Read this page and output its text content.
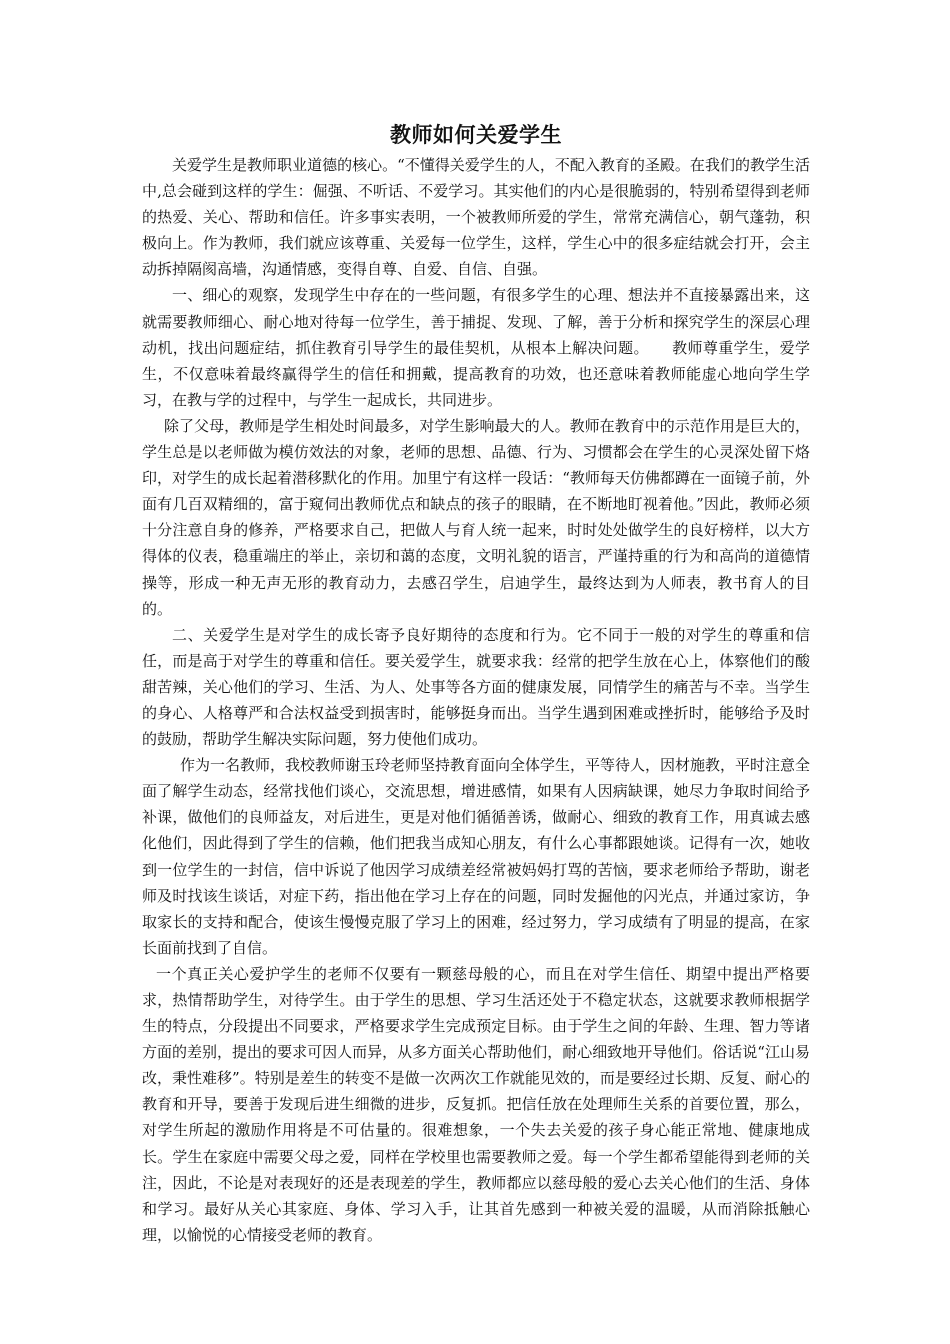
教师如何关爱学生

关爱学生是教师职业道德的核心。“不懂得关爱学生的人，不配入教育的圣殿。在我们的教学生活中,总会碰到这样的学生：倔强、不听话、不爱学习。其实他们的内心是很脆弱的，特别希望得到老师的热爱、关心、帮助和信任。许多事实表明，一个被教师所爱的学生，常常充满信心，朝气蓬勃，积极向上。作为教师，我们就应该尊重、关爱每一位学生，这样，学生心中的很多症结就会打开，会主动拆掉隔阂高墙，沟通情感，变得自尊、自爱、自信、自强。

一、细心的观察，发现学生中存在的一些问题，有很多学生的心理、想法并不直接暴露出来，这就需要教师细心、耐心地对待每一位学生，善于捕捉、发现、了解，善于分析和探究学生的深层心理动机，找出问题症结，抓住教育引导学生的最佳契机，从根本上解决问题。　　教师尊重学生，爱学生，不仅意味着最终赢得学生的信任和拥戴，提高教育的功效，也还意味着教师能虚心地向学生学习，在教与学的过程中，与学生一起成长，共同进步。

除了父母，教师是学生相处时间最多，对学生影响最大的人。教师在教育中的示范作用是巨大的，学生总是以老师做为模仿效法的对象，老师的思想、品德、行为、习惯都会在学生的心灵深处留下烙印，对学生的成长起着潜移默化的作用。加里宁有这样一段话：“教师每天仿佛都蹲在一面镜子前，外面有几百双精细的，富于窥伺出教师优点和缺点的孩子的眼睛，在不断地盯视着他。”因此，教师必须十分注意自身的修养，严格要求自己，把做人与育人统一起来，时时处处做学生的良好榜样，以大方得体的仪表，稳重端庄的举止，亲切和蔼的态度，文明礼貌的语言，严谨持重的行为和高尚的道德情操等，形成一种无声无形的教育动力，去感召学生，启迪学生，最终达到为人师表，教书育人的目的。

二、关爱学生是对学生的成长寄予良好期待的态度和行为。它不同于一般的对学生的尊重和信任，而是高于对学生的尊重和信任。要关爱学生，就要求我：经常的把学生放在心上，体察他们的酸甜苦辣，关心他们的学习、生活、为人、处事等各方面的健康发展，同情学生的痛苦与不幸。当学生的身心、人格尊严和合法权益受到损害时，能够挺身而出。当学生遇到困难或挫折时，能够给予及时的鼓励，帮助学生解决实际问题，努力使他们成功。

作为一名教师，我校教师谢玉玲老师坚持教育面向全体学生，平等待人，因材施教，平时注意全面了解学生动态，经常找他们谈心，交流思想，增进感情，如果有人因病缺课，她尽力争取时间给予补课，做他们的良师益友，对后进生，更是对他们循循善诱，做耐心、细致的教育工作，用真诚去感化他们，因此得到了学生的信赖，他们把我当成知心朋友，有什么心事都跟她谈。记得有一次，她收到一位学生的一封信，信中诉说了他因学习成绩差经常被妈妈打骂的苦恼，要求老师给予帮助，谢老师及时找该生谈话，对症下药，指出他在学习上存在的问题，同时发掘他的闪光点，并通过家访，争取家长的支持和配合，使该生慢慢克服了学习上的困难，经过努力，学习成绩有了明显的提高，在家长面前找到了自信。

一个真正关心爱护学生的老师不仅要有一颗慈母般的心，而且在对学生信任、期望中提出严格要求，热情帮助学生，对待学生。由于学生的思想、学习生活还处于不稳定状态，这就要求教师根据学生的特点，分段提出不同要求，严格要求学生完成预定目标。由于学生之间的年龄、生理、智力等诸方面的差别，提出的要求可因人而异，从多方面关心帮助他们，耐心细致地开导他们。俗话说“江山易改，秉性难移”。特别是差生的转变不是做一次两次工作就能见效的，而是要经过长期、反复、耐心的教育和开导，要善于发现后进生细微的进步，反复抓。把信任放在处理师生关系的首要位置，那么，对学生所起的激励作用将是不可估量的。很难想象，一个失去关爱的孩子身心能正常地、健康地成长。学生在家庭中需要父母之爱，同样在学校里也需要教师之爱。每一个学生都希望能得到老师的关注，因此，不论是对表现好的还是表现差的学生，教师都应以慈母般的爱心去关心他们的生活、身体和学习。最好从关心其家庭、身体、学习入手，让其首先感到一种被关爱的温暖，从而消除抵触心理，以愉悦的心情接受老师的教育。
